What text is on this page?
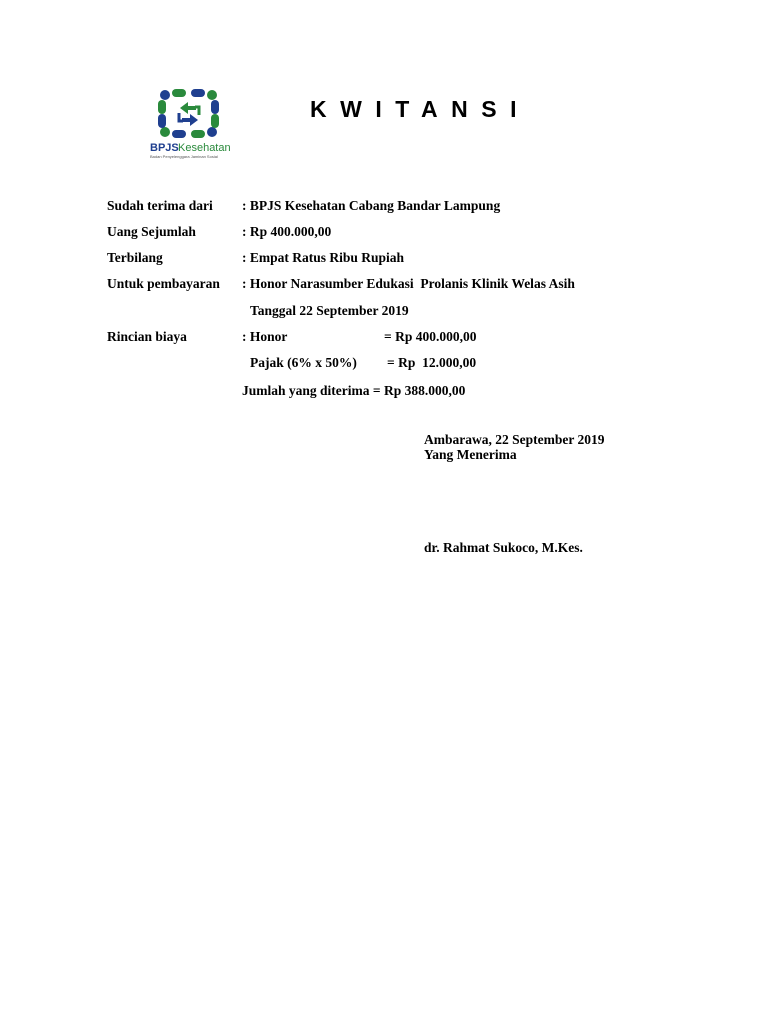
BPJS Kesehatan
Badan Penyelenggara Jaminan Sosial
KWITANSI

Sudah terima dari : BPJS Kesehatan Cabang Bandar Lampung

Uang Sejumlah	: Rp 400.000,00

Terbilang	: Empat Ratus Ribu Rupiah

Untuk pembayaran : Honor Narasumber Edukasi  Prolanis Klinik Welas Asih

Tanggal 22 September 2019

Rincian biaya	: Honor	= Rp 400.000,00

Pajak (6% x 50%) = Rp  12.000,00

Jumlah yang diterima = Rp 388.000,00

Ambarawa, 22 September 2019

Yang Menerima

dr. Rahmat Sukoco, M.Kes.
